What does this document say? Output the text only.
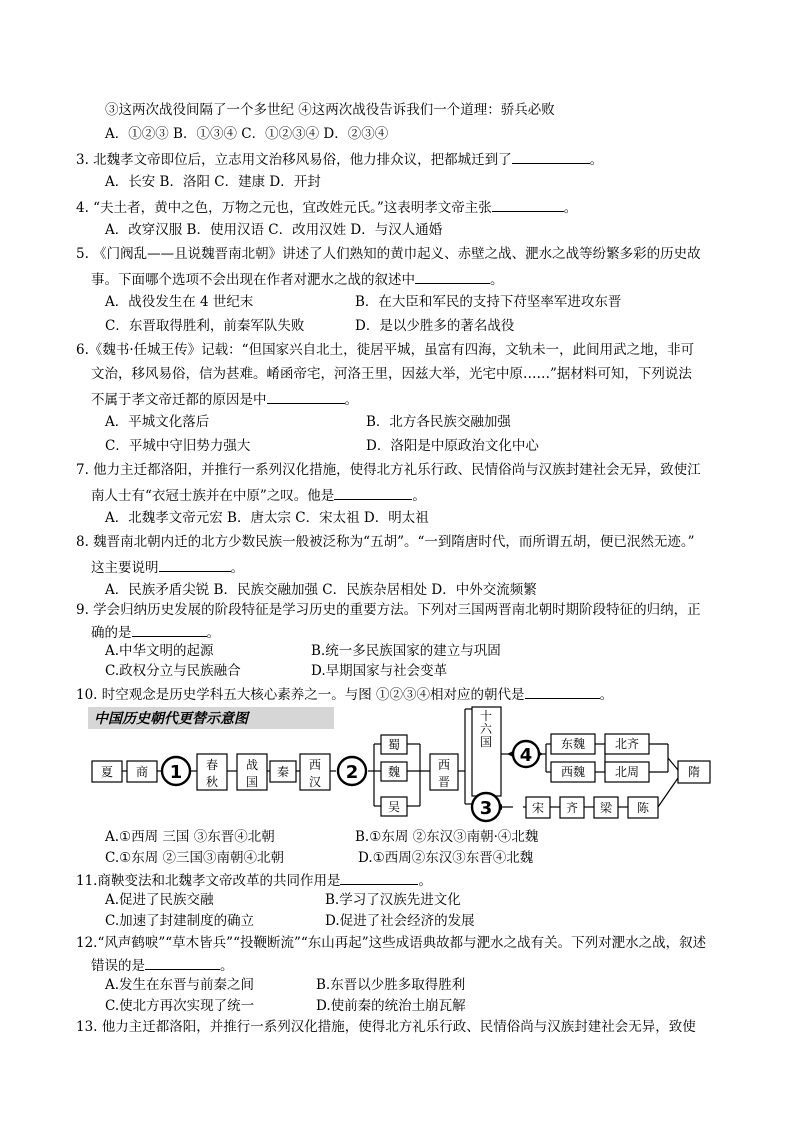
③这两次战役间隔了一个多世纪 ④这两次战役告诉我们一个道理：骄兵必败
A．①②③ B．①③④ C．①②③④ D．②③④
3. 北魏孝文帝即位后，立志用文治移风易俗，他力排众议，把都城迁到了	。
A．长安 B．洛阳 C．建康 D．开封
4. “夫土者，黄中之色，万物之元也，宜改姓元氏。”这表明孝文帝主张	。
A．改穿汉服 B．使用汉语 C．改用汉姓 D．与汉人通婚
5. 《门阀乱——且说魏晋南北朝》讲述了人们熟知的黄巾起义、赤壁之战、淝水之战等纷繁多彩的历史故
事。下面哪个选项不会出现在作者对淝水之战的叙述中	。
A．战役发生在 4 世纪末	B．在大臣和军民的支持下苻坚率军进攻东晋
C．东晋取得胜利，前秦军队失败	D．是以少胜多的著名战役
6.《魏书·任城王传》记载：“但国家兴自北土，徙居平城，虽富有四海，文轨未一，此间用武之地，非可
文治，移风易俗，信为甚难。崤函帝宅，河洛王里，因兹大举，光宅中原……”据材料可知，下列说法
不属于孝文帝迁都的原因是中	。
A．平城文化落后	B．北方各民族交融加强
C．平城中守旧势力强大	D．洛阳是中原政治文化中心
7. 他力主迁都洛阳，并推行一系列汉化措施，使得北方礼乐行政、民情俗尚与汉族封建社会无异，致使江
南人士有“衣冠士族并在中原”之叹。他是	。
A．北魏孝文帝元宏 B．唐太宗 C．宋太祖 D．明太祖
8. 魏晋南北朝内迁的北方少数民族一般被泛称为“五胡”。“一到隋唐时代，而所谓五胡，便已泯然无迹。”
这主要说明	。
A．民族矛盾尖锐 B．民族交融加强 C．民族杂居相处 D．中外交流频繁
9. 学会归纳历史发展的阶段特征是学习历史的重要方法。下列对三国两晋南北朝时期阶段特征的归纳，正
确的是	。
A.中华文明的起源	B.统一多民族国家的建立与巩固
C.政权分立与民族融合	D.早期国家与社会变革
10. 时空观念是历史学科五大核心素养之一。与图 ①②③④相对应的朝代是	。
中国历史朝代更替示意图
夏 商 1 春
秋
战
国
秦 西
汉 2
蜀
魏
吴
西
晋
十
六
国
4
3
东魏 北齐
西魏 北周	隋
宋 齐 梁 陈
A.①西周 三国 ③东晋④北朝	B.①东周 ②东汉③南朝·④北魏
C.①东周 ②三国③南朝④北朝	D.①西周②东汉③东晋④北魏
11.商鞅变法和北魏孝文帝改革的共同作用是	。
A.促进了民族交融	B.学习了汉族先进文化
C.加速了封建制度的确立	D.促进了社会经济的发展
12.“风声鹤唳”“草木皆兵”“投鞭断流”“东山再起”这些成语典故都与淝水之战有关。下列对淝水之战，叙述
错误的是	。
A.发生在东晋与前秦之间	B.东晋以少胜多取得胜利
C.使北方再次实现了统一	D.使前秦的统治土崩瓦解
13. 他力主迁都洛阳，并推行一系列汉化措施，使得北方礼乐行政、民情俗尚与汉族封建社会无异，致使
